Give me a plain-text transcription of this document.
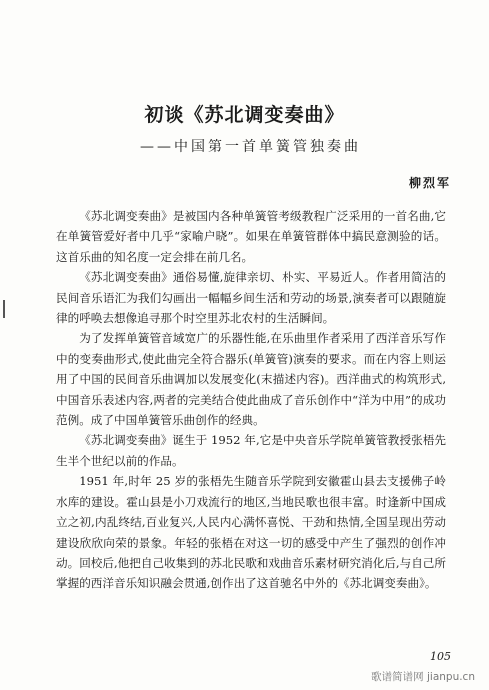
初谈《苏北调变奏曲》
——中国第一首单簧管独奏曲
柳烈军

《苏北调变奏曲》是被国内各种单簧管考级教程广泛采用的一首名曲,它在单簧管爱好者中几乎“家喻户晓”。如果在单簧管群体中搞民意测验的话。这首乐曲的知名度一定会排在前几名。

《苏北调变奏曲》通俗易懂,旋律亲切、朴实、平易近人。作者用简洁的民间音乐语汇为我们勾画出一幅幅乡间生活和劳动的场景,演奏者可以跟随旋律的呼唤去想像追寻那个时空里苏北农村的生活瞬间。

为了发挥单簧管音域宽广的乐器性能,在乐曲里作者采用了西洋音乐写作中的变奏曲形式,使此曲完全符合器乐(单簧管)演奏的要求。而在内容上则运用了中国的民间音乐曲调加以发展变化(末描述内容)。西洋曲式的构筑形式,中国音乐表述内容,两者的完美结合使此曲成了音乐创作中“洋为中用”的成功范例。成了中国单簧管乐曲创作的经典。

《苏北调变奏曲》诞生于 1952 年,它是中央音乐学院单簧管教授张梧先生半个世纪以前的作品。

1951 年,时年 25 岁的张梧先生随音乐学院到安徽霍山县去支援佛子岭水库的建设。霍山县是小刀戏流行的地区,当地民歌也很丰富。时逢新中国成立之初,内乱终结,百业复兴,人民内心满怀喜悦、干劲和热情,全国呈现出劳动建设欣欣向荣的景象。年轻的张梧在对这一切的感受中产生了强烈的创作冲动。回校后,他把自己收集到的苏北民歌和戏曲音乐素材研究消化后,与自己所掌握的西洋音乐知识融会贯通,创作出了这首驰名中外的《苏北调变奏曲》。

105
歌谱简谱网 jianpu.cn
